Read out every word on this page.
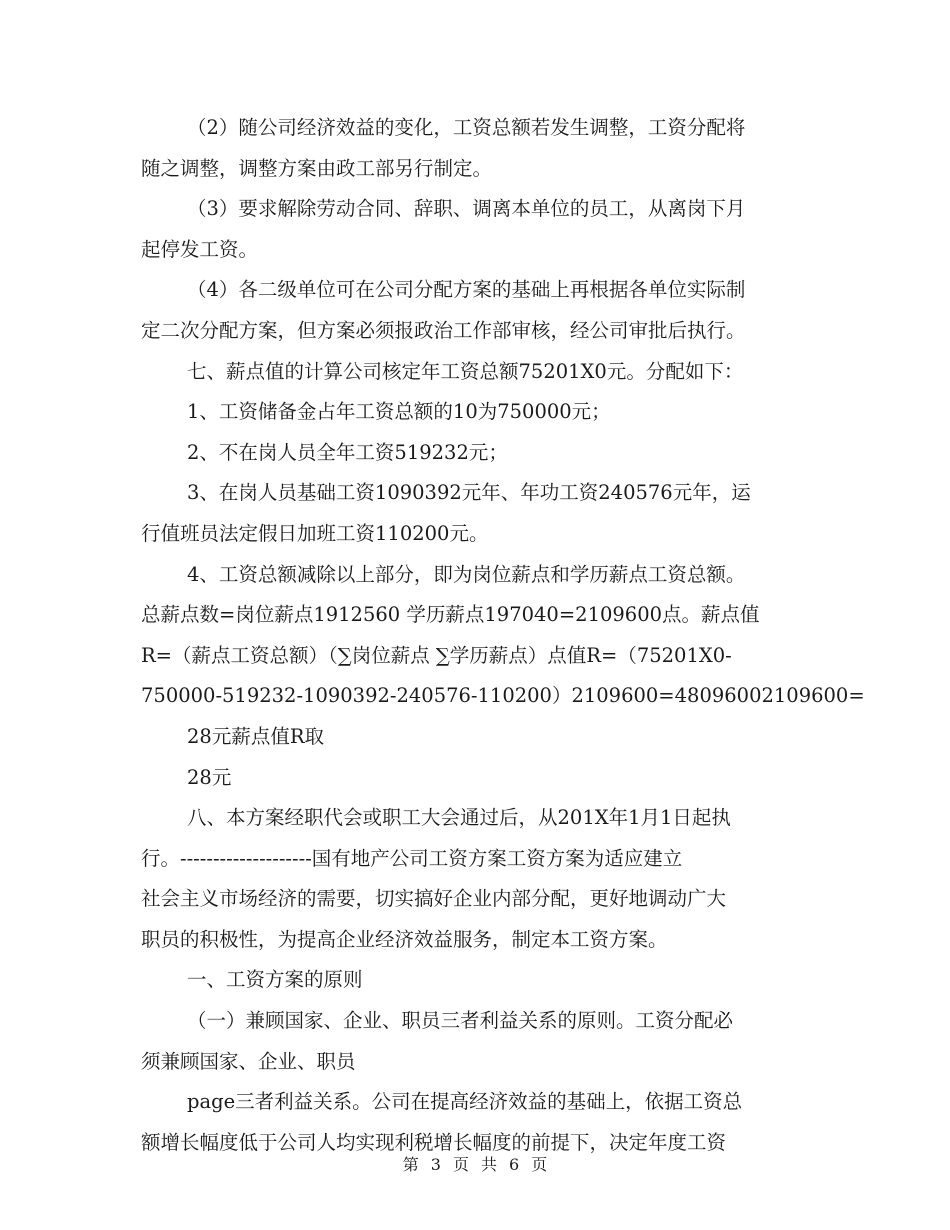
（2）随公司经济效益的变化，工资总额若发生调整，工资分配将
随之调整，调整方案由政工部另行制定。
（3）要求解除劳动合同、辞职、调离本单位的员工，从离岗下月
起停发工资。
（4）各二级单位可在公司分配方案的基础上再根据各单位实际制
定二次分配方案，但方案必须报政治工作部审核，经公司审批后执行。
七、薪点值的计算公司核定年工资总额75201X0元。分配如下：
1、工资储备金占年工资总额的10为750000元；
2、不在岗人员全年工资519232元；
3、在岗人员基础工资1090392元年、年功工资240576元年，运
行值班员法定假日加班工资110200元。
4、工资总额减除以上部分，即为岗位薪点和学历薪点工资总额。
总薪点数=岗位薪点1912560 学历薪点197040=2109600点。薪点值
R=（薪点工资总额）（∑岗位薪点 ∑学历薪点）点值R=（75201X0-
750000-519232-1090392-240576-110200）2109600=48096002109600=
28元薪点值R取
28元
八、本方案经职代会或职工大会通过后，从201X年1月1日起执
行。--------------------国有地产公司工资方案工资方案为适应建立
社会主义市场经济的需要，切实搞好企业内部分配，更好地调动广大
职员的积极性，为提高企业经济效益服务，制定本工资方案。
一、工资方案的原则
（一）兼顾国家、企业、职员三者利益关系的原则。工资分配必
须兼顾国家、企业、职员
page三者利益关系。公司在提高经济效益的基础上，依据工资总
额增长幅度低于公司人均实现利税增长幅度的前提下，决定年度工资
第 3 页 共 6 页
